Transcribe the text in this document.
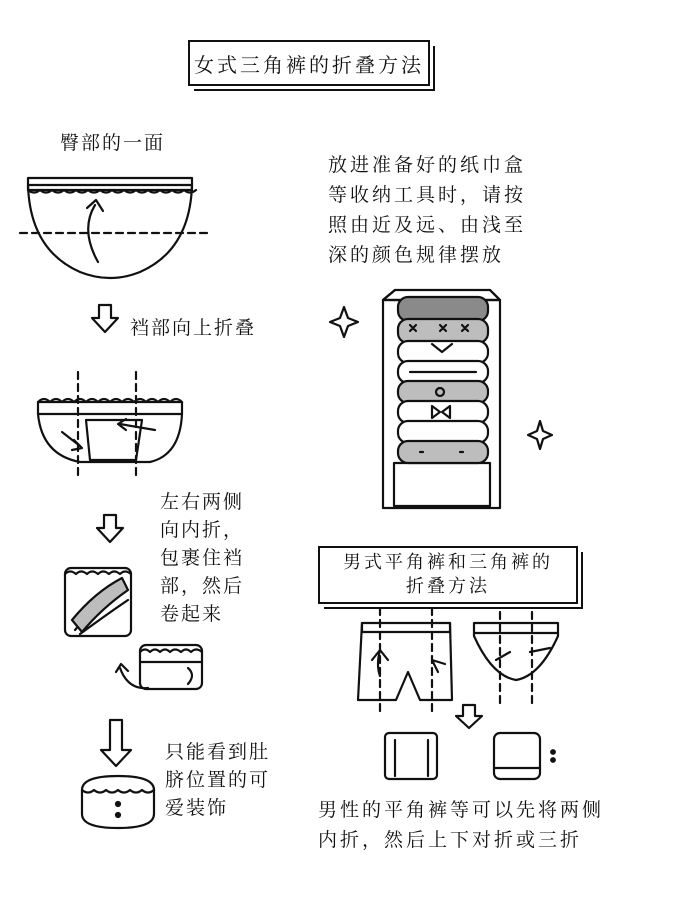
女式三角裤的折叠方法
臀部的一面
裆部向上折叠
左右两侧
向内折，
包裹住裆
部，然后
卷起来
只能看到肚
脐位置的可
爱装饰
放进准备好的纸巾盒
等收纳工具时，请按
照由近及远、由浅至
深的颜色规律摆放
男式平角裤和三角裤的
折叠方法
男性的平角裤等可以先将两侧
内折，然后上下对折或三折
